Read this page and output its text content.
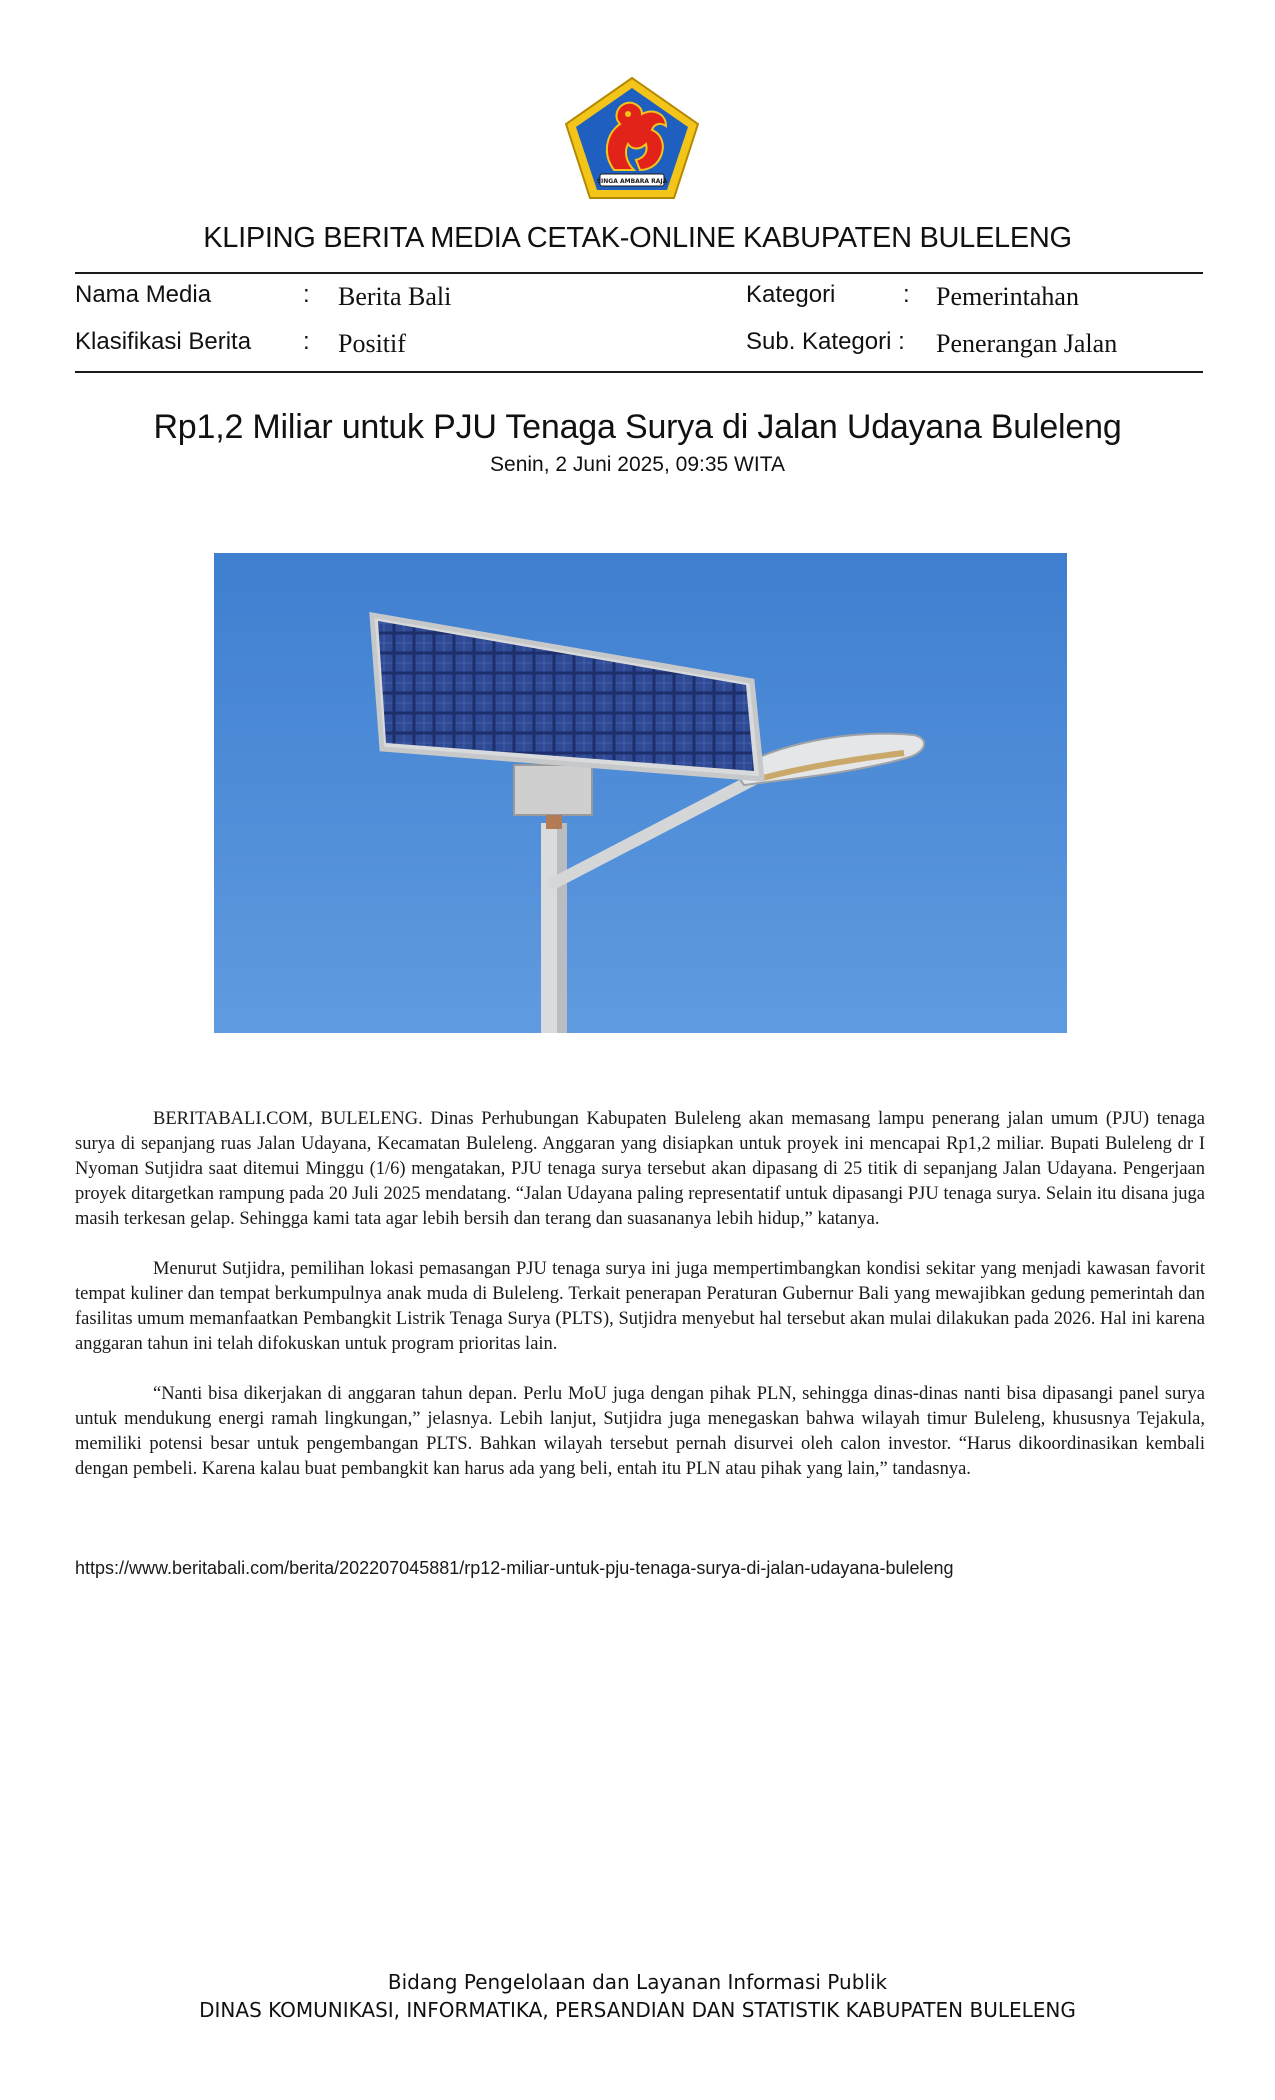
SINGA AMBARA RAJA
KLIPING BERITA MEDIA CETAK-ONLINE KABUPATEN BULELENG
Nama Media	: Berita Bali
Klasifikasi Berita : Positif
Kategori	: Pemerintahan
Sub. Kategori : Penerangan Jalan
Rp1,2 Miliar untuk PJU Tenaga Surya di Jalan Udayana Buleleng
Senin, 2 Juni 2025, 09:35 WITA

BERITABALI.COM, BULELENG. Dinas Perhubungan Kabupaten Buleleng akan memasang lampu penerang jalan umum (PJU) tenaga surya di sepanjang ruas Jalan Udayana, Kecamatan Buleleng. Anggaran yang disiapkan untuk proyek ini mencapai Rp1,2 miliar. Bupati Buleleng dr I Nyoman Sutjidra saat ditemui Minggu (1/6) mengatakan, PJU tenaga surya tersebut akan dipasang di 25 titik di sepanjang Jalan Udayana. Pengerjaan proyek ditargetkan rampung pada 20 Juli 2025 mendatang. “Jalan Udayana paling representatif untuk dipasangi PJU tenaga surya. Selain itu disana juga masih terkesan gelap. Sehingga kami tata agar lebih bersih dan terang dan suasananya lebih hidup,” katanya.

Menurut Sutjidra, pemilihan lokasi pemasangan PJU tenaga surya ini juga mempertimbangkan kondisi sekitar yang menjadi kawasan favorit tempat kuliner dan tempat berkumpulnya anak muda di Buleleng. Terkait penerapan Peraturan Gubernur Bali yang mewajibkan gedung pemerintah dan fasilitas umum memanfaatkan Pembangkit Listrik Tenaga Surya (PLTS), Sutjidra menyebut hal tersebut akan mulai dilakukan pada 2026. Hal ini karena anggaran tahun ini telah difokuskan untuk program prioritas lain.

“Nanti bisa dikerjakan di anggaran tahun depan. Perlu MoU juga dengan pihak PLN, sehingga dinas-dinas nanti bisa dipasangi panel surya untuk mendukung energi ramah lingkungan,” jelasnya. Lebih lanjut, Sutjidra juga menegaskan bahwa wilayah timur Buleleng, khususnya Tejakula, memiliki potensi besar untuk pengembangan PLTS. Bahkan wilayah tersebut pernah disurvei oleh calon investor. “Harus dikoordinasikan kembali dengan pembeli. Karena kalau buat pembangkit kan harus ada yang beli, entah itu PLN atau pihak yang lain,” tandasnya.

https://www.beritabali.com/berita/202207045881/rp12-miliar-untuk-pju-tenaga-surya-di-jalan-udayana-buleleng
Bidang Pengelolaan dan Layanan Informasi Publik
DINAS KOMUNIKASI, INFORMATIKA, PERSANDIAN DAN STATISTIK KABUPATEN BULELENG
